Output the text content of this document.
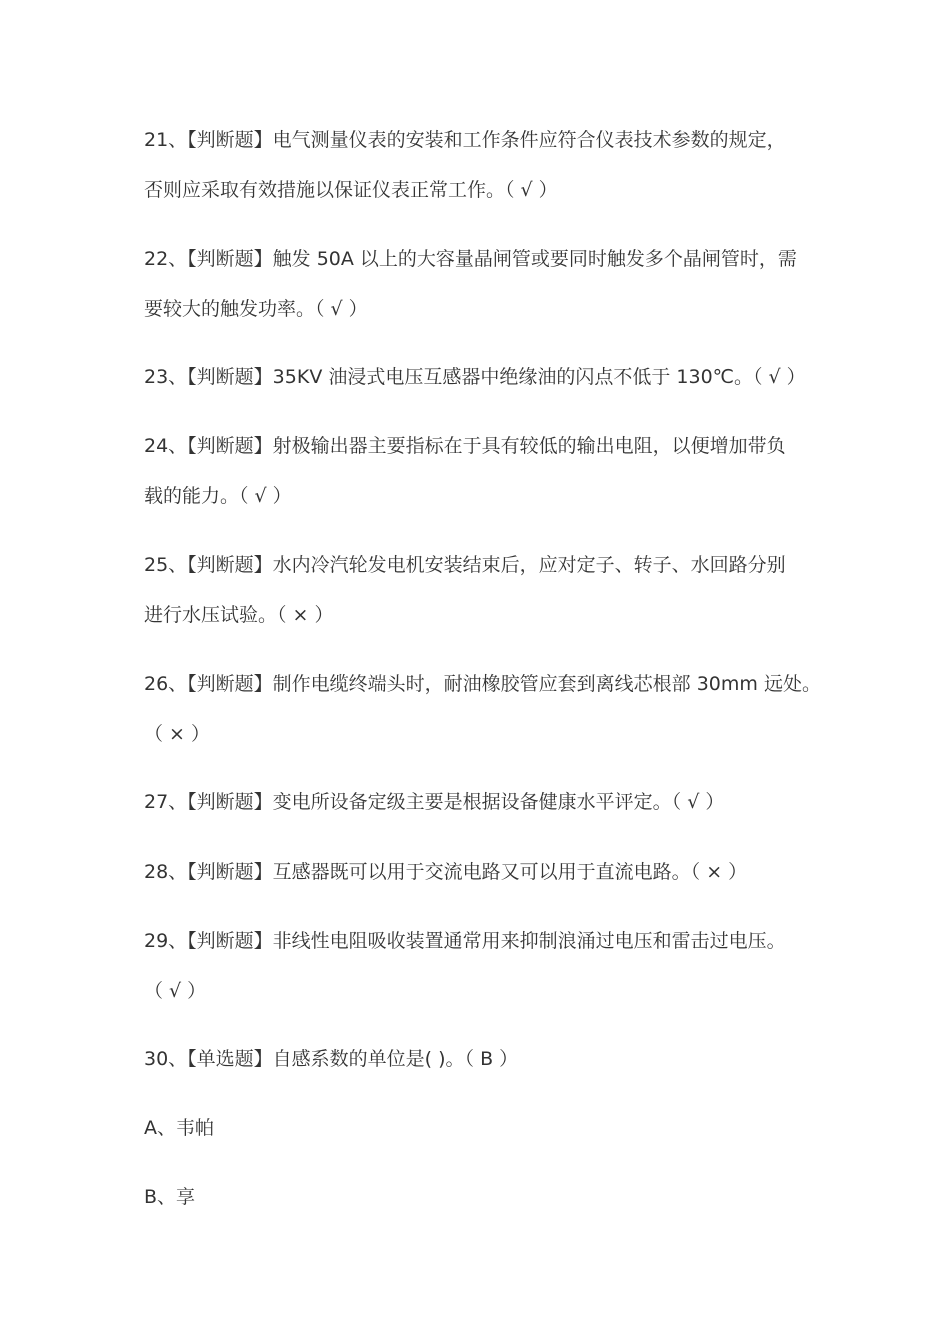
21、【判断题】电气测量仪表的安装和工作条件应符合仪表技术参数的规定，
否则应采取有效措施以保证仪表正常工作。（ √ ）
22、【判断题】触发 50A 以上的大容量晶闸管或要同时触发多个晶闸管时，需
要较大的触发功率。（ √ ）
23、【判断题】35KV 油浸式电压互感器中绝缘油的闪点不低于 130℃。（ √ ）
24、【判断题】射极输出器主要指标在于具有较低的输出电阻，以便增加带负
载的能力。（ √ ）
25、【判断题】水内冷汽轮发电机安装结束后，应对定子、转子、水回路分别
进行水压试验。（ × ）
26、【判断题】制作电缆终端头时，耐油橡胶管应套到离线芯根部 30mm 远处。
（ × ）
27、【判断题】变电所设备定级主要是根据设备健康水平评定。（ √ ）
28、【判断题】互感器既可以用于交流电路又可以用于直流电路。（ × ）
29、【判断题】非线性电阻吸收装置通常用来抑制浪涌过电压和雷击过电压。
（ √ ）
30、【单选题】自感系数的单位是( )。（ B ）
A、韦帕
B、享
